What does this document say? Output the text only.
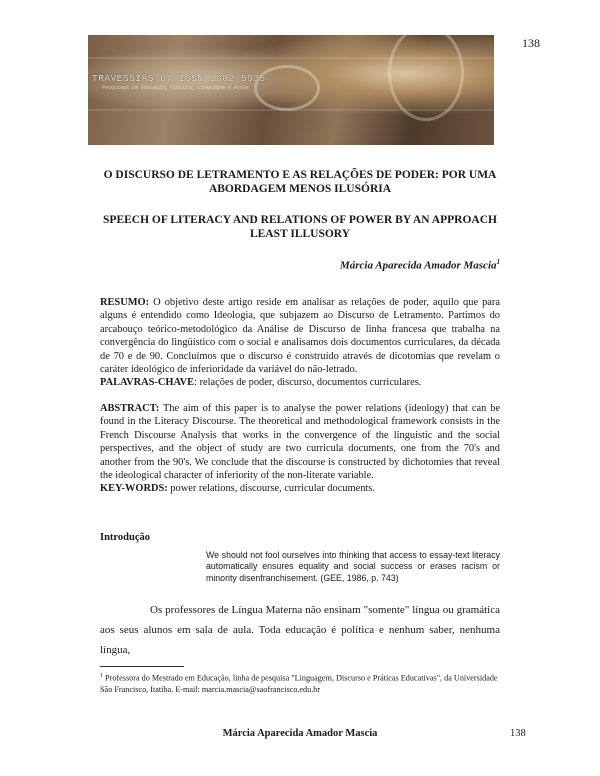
138
TRAVESSIAS 07 ISSN 1982-5935
Pesquisas em Educação, Cultura, Linguagem e Artes
O DISCURSO DE LETRAMENTO E AS RELAÇÕES DE PODER: POR UMA
ABORDAGEM MENOS ILUSÓRIA
SPEECH OF LITERACY AND RELATIONS OF POWER BY AN APPROACH
LEAST ILLUSORY
Márcia Aparecida Amador Mascia$^1$
RESUMO: O objetivo deste artigo reside em analisar as relações de poder, aquilo que para alguns é entendido como Ideologia, que subjazem ao Discurso de Letramento. Partimos do arcabouço teórico-metodológico da Análise de Discurso de linha francesa que trabalha na convergência do lingüístico com o social e analisamos dois documentos curriculares, da década de 70 e de 90. Concluímos que o discurso é construído através de dicotomias que revelam o caráter ideológico de inferioridade da variável do não-letrado.
PALAVRAS-CHAVE: relações de poder, discurso, documentos curriculares.
ABSTRACT: The aim of this paper is to analyse the power relations (ideology) that can be found in the Literacy Discourse. The theoretical and methodological framework consists in the French Discourse Analysis that works in the convergence of the linguistic and the social perspectives, and the object of study are two curricula documents, one from the 70's and another from the 90's. We conclude that the discourse is constructed by dichotomies that reveal the ideological character of inferiority of the non-literate variable.
KEY-WORDS: power relations, discourse, curricular documents.
Introdução
We should not fool ourselves into thinking that access to essay-text literacy automatically ensures equality and social success or erases racism or minority disenfranchisement. (GEE, 1986, p. 743)
Os professores de Língua Materna não ensinam "somente" língua ou gramática aos seus alunos em sala de aula. Toda educação é política e nenhum saber, nenhuma língua,
$^1$ Professora do Mestrado em Educação, linha de pesquisa "Linguagem, Discurso e Práticas Educativas", da Universidade São Francisco, Itatiba. E-mail: marcia.mascia@saofrancisco.edu.br
Márcia Aparecida Amador Mascia	138
